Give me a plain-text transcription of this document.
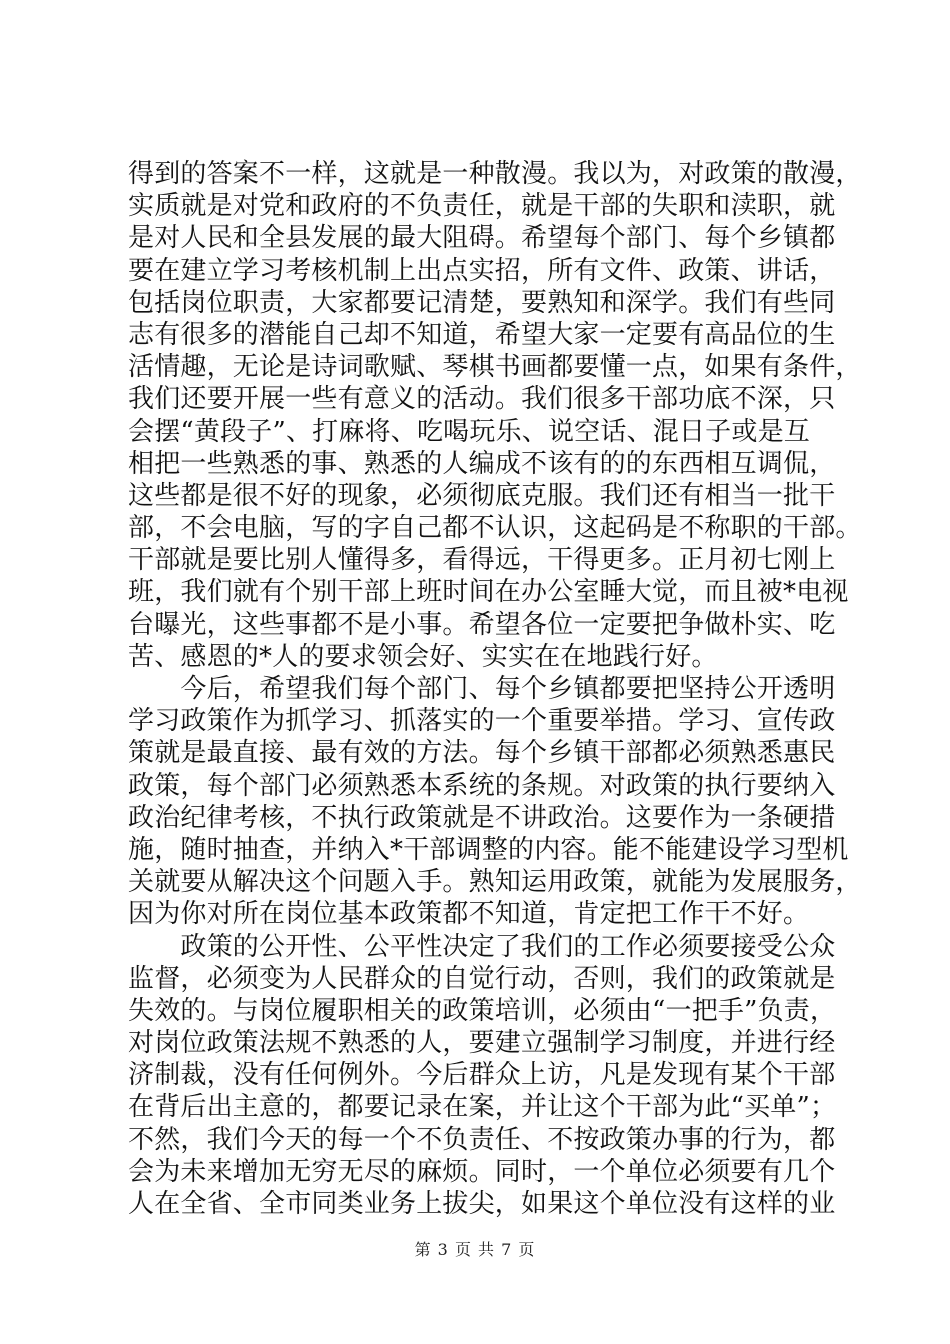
得到的答案不一样，这就是一种散漫。我以为，对政策的散漫，
实质就是对党和政府的不负责任，就是干部的失职和渎职，就
是对人民和全县发展的最大阻碍。希望每个部门、每个乡镇都
要在建立学习考核机制上出点实招，所有文件、政策、讲话，
包括岗位职责，大家都要记清楚，要熟知和深学。我们有些同
志有很多的潜能自己却不知道，希望大家一定要有高品位的生
活情趣，无论是诗词歌赋、琴棋书画都要懂一点，如果有条件，
我们还要开展一些有意义的活动。我们很多干部功底不深，只
会摆“黄段子”、打麻将、吃喝玩乐、说空话、混日子或是互
相把一些熟悉的事、熟悉的人编成不该有的的东西相互调侃，
这些都是很不好的现象，必须彻底克服。我们还有相当一批干
部，不会电脑，写的字自己都不认识，这起码是不称职的干部。
干部就是要比别人懂得多，看得远，干得更多。正月初七刚上
班，我们就有个别干部上班时间在办公室睡大觉，而且被*电视
台曝光，这些事都不是小事。希望各位一定要把争做朴实、吃
苦、感恩的*人的要求领会好、实实在在地践行好。
　　今后，希望我们每个部门、每个乡镇都要把坚持公开透明
学习政策作为抓学习、抓落实的一个重要举措。学习、宣传政
策就是最直接、最有效的方法。每个乡镇干部都必须熟悉惠民
政策，每个部门必须熟悉本系统的条规。对政策的执行要纳入
政治纪律考核，不执行政策就是不讲政治。这要作为一条硬措
施，随时抽查，并纳入*干部调整的内容。能不能建设学习型机
关就要从解决这个问题入手。熟知运用政策，就能为发展服务，
因为你对所在岗位基本政策都不知道，肯定把工作干不好。
　　政策的公开性、公平性决定了我们的工作必须要接受公众
监督，必须变为人民群众的自觉行动，否则，我们的政策就是
失效的。与岗位履职相关的政策培训，必须由“一把手”负责，
对岗位政策法规不熟悉的人，要建立强制学习制度，并进行经
济制裁，没有任何例外。今后群众上访，凡是发现有某个干部
在背后出主意的，都要记录在案，并让这个干部为此“买单”；
不然，我们今天的每一个不负责任、不按政策办事的行为，都
会为未来增加无穷无尽的麻烦。同时，一个单位必须要有几个
人在全省、全市同类业务上拔尖，如果这个单位没有这样的业
第 3 页 共 7 页
